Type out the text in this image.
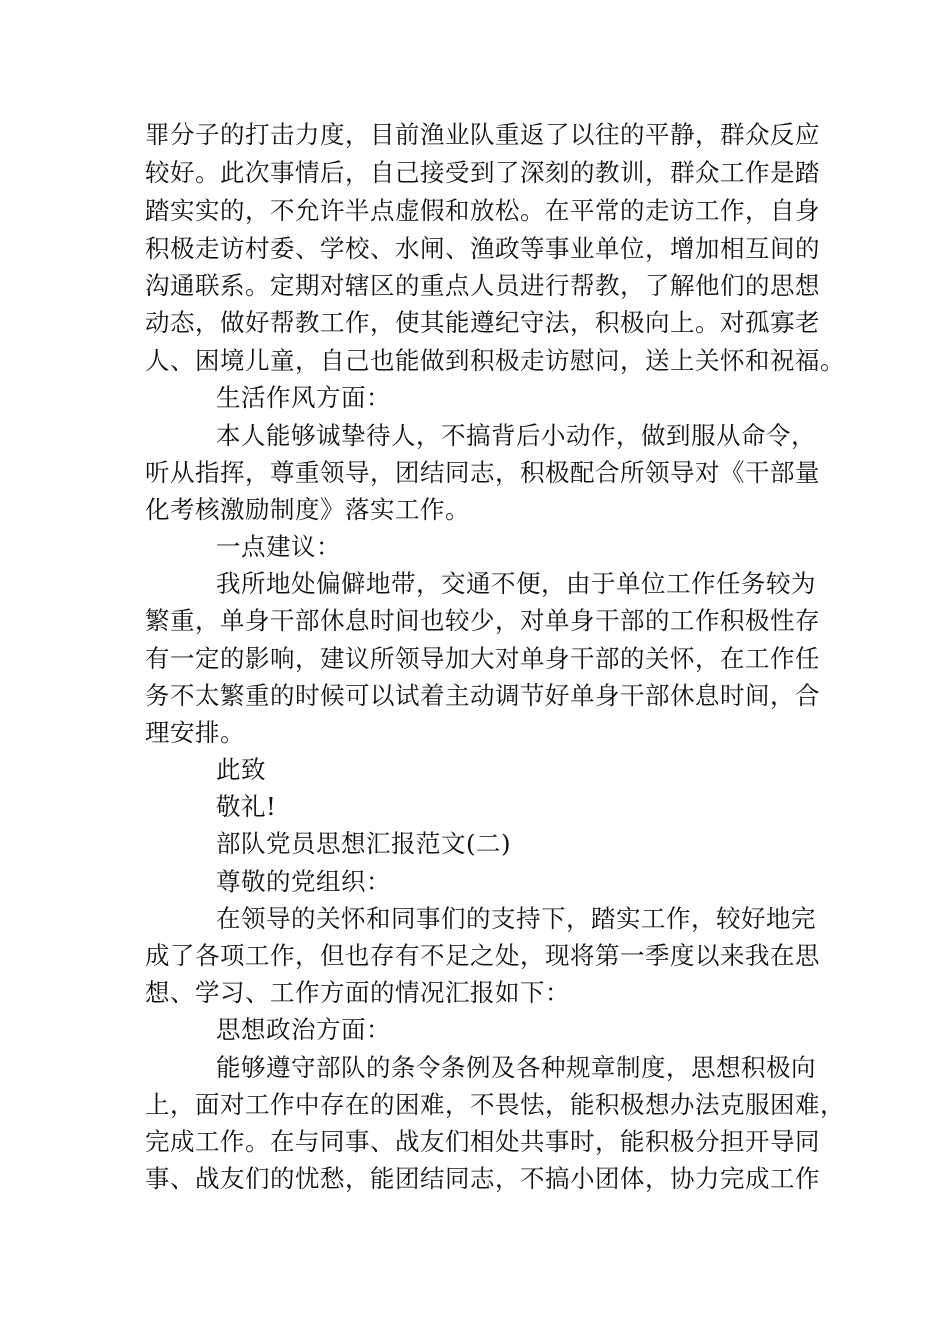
罪分子的打击力度，目前渔业队重返了以往的平静，群众反应
较好。此次事情后，自己接受到了深刻的教训，群众工作是踏
踏实实的，不允许半点虚假和放松。在平常的走访工作，自身
积极走访村委、学校、水闸、渔政等事业单位，增加相互间的
沟通联系。定期对辖区的重点人员进行帮教，了解他们的思想
动态，做好帮教工作，使其能遵纪守法，积极向上。对孤寡老
人、困境儿童，自己也能做到积极走访慰问，送上关怀和祝福。
生活作风方面：
本人能够诚挚待人，不搞背后小动作，做到服从命令，
听从指挥，尊重领导，团结同志，积极配合所领导对《干部量
化考核激励制度》落实工作。
一点建议：
我所地处偏僻地带，交通不便，由于单位工作任务较为
繁重，单身干部休息时间也较少，对单身干部的工作积极性存
有一定的影响，建议所领导加大对单身干部的关怀，在工作任
务不太繁重的时候可以试着主动调节好单身干部休息时间，合
理安排。
此致
敬礼!
部队党员思想汇报范文(二)
尊敬的党组织：
在领导的关怀和同事们的支持下，踏实工作，较好地完
成了各项工作，但也存有不足之处，现将第一季度以来我在思
想、学习、工作方面的情况汇报如下：
思想政治方面：
能够遵守部队的条令条例及各种规章制度，思想积极向
上，面对工作中存在的困难，不畏怯，能积极想办法克服困难，
完成工作。在与同事、战友们相处共事时，能积极分担开导同
事、战友们的忧愁，能团结同志，不搞小团体，协力完成工作
